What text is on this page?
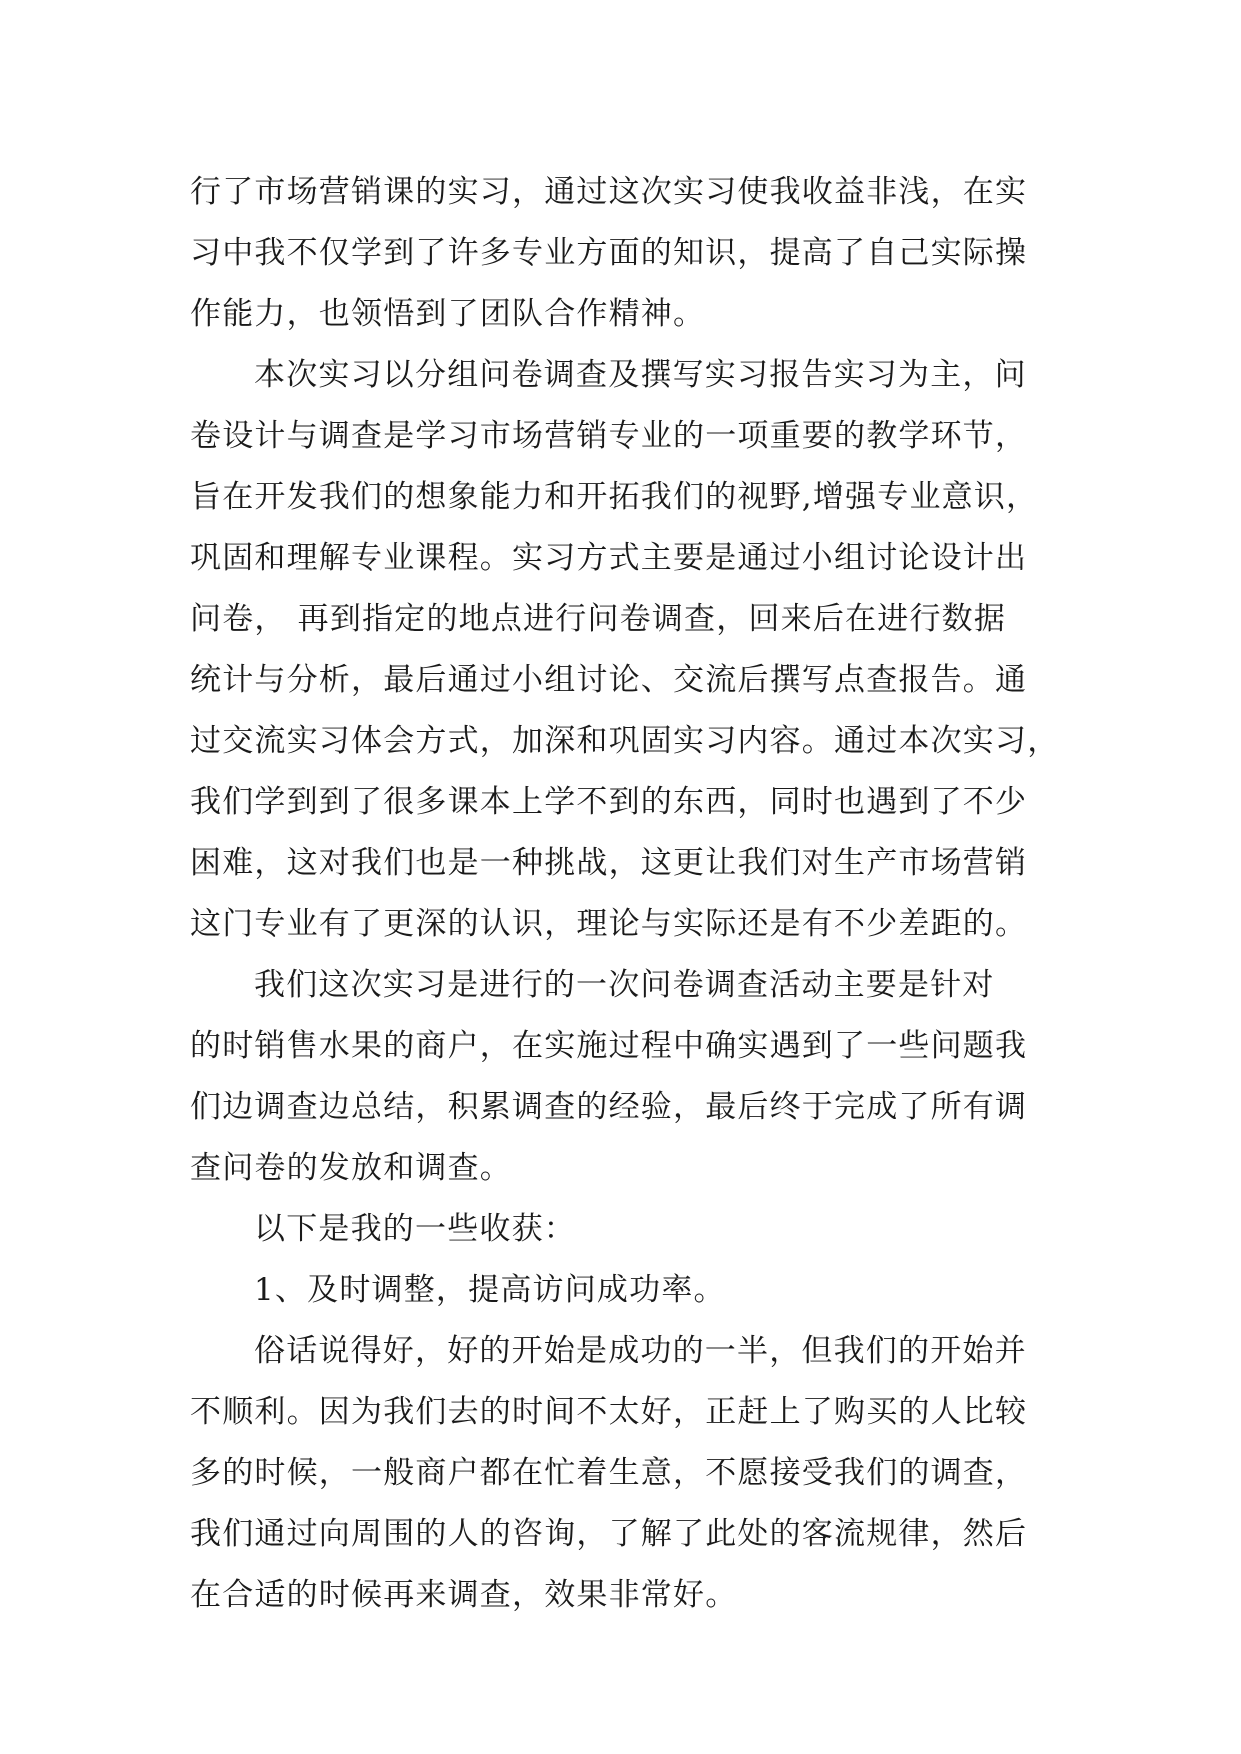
行了市场营销课的实习，通过这次实习使我收益非浅，在实
习中我不仅学到了许多专业方面的知识，提高了自己实际操
作能力，也领悟到了团队合作精神。
本次实习以分组问卷调查及撰写实习报告实习为主，问
卷设计与调查是学习市场营销专业的一项重要的教学环节，
旨在开发我们的想象能力和开拓我们的视野,增强专业意识，
巩固和理解专业课程。实习方式主要是通过小组讨论设计出
问卷， 再到指定的地点进行问卷调查，回来后在进行数据
统计与分析，最后通过小组讨论、交流后撰写点查报告。通
过交流实习体会方式，加深和巩固实习内容。通过本次实习，
我们学到到了很多课本上学不到的东西，同时也遇到了不少
困难，这对我们也是一种挑战，这更让我们对生产市场营销
这门专业有了更深的认识，理论与实际还是有不少差距的。
我们这次实习是进行的一次问卷调查活动主要是针对
的时销售水果的商户，在实施过程中确实遇到了一些问题我
们边调查边总结，积累调查的经验，最后终于完成了所有调
查问卷的发放和调查。
以下是我的一些收获：
1、及时调整，提高访问成功率。
俗话说得好，好的开始是成功的一半，但我们的开始并
不顺利。因为我们去的时间不太好，正赶上了购买的人比较
多的时候，一般商户都在忙着生意，不愿接受我们的调查，
我们通过向周围的人的咨询，了解了此处的客流规律，然后
在合适的时候再来调查，效果非常好。
